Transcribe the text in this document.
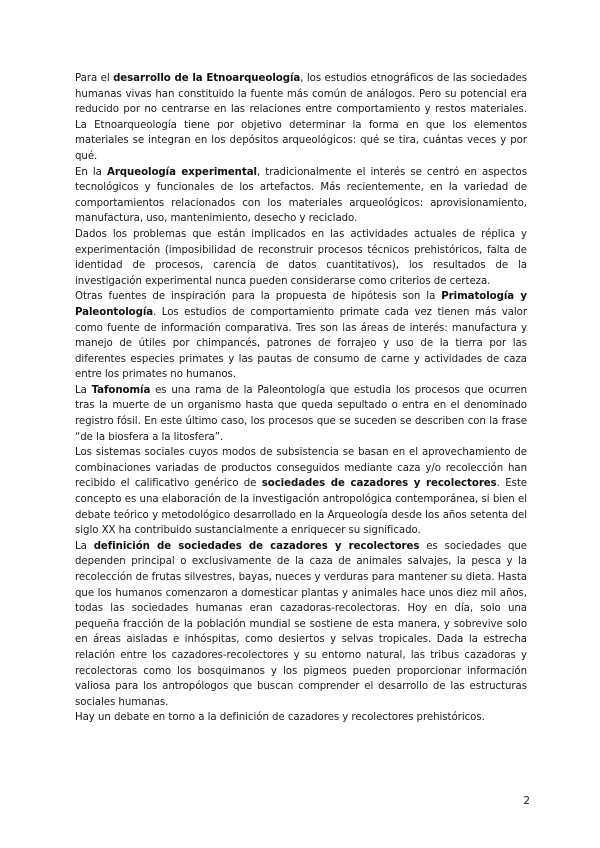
Para el desarrollo de la Etnoarqueología, los estudios etnográficos de las sociedades humanas vivas han constituido la fuente más común de análogos. Pero su potencial era reducido por no centrarse en las relaciones entre comportamiento y restos materiales. La Etnoarqueología tiene por objetivo determinar la forma en que los elementos materiales se integran en los depósitos arqueológicos: qué se tira, cuántas veces y por qué.

En la Arqueología experimental, tradicionalmente el interés se centró en aspectos tecnológicos y funcionales de los artefactos. Más recientemente, en la variedad de comportamientos relacionados con los materiales arqueológicos: aprovisionamiento, manufactura, uso, mantenimiento, desecho y reciclado.

Dados los problemas que están implicados en las actividades actuales de réplica y experimentación (imposibilidad de reconstruir procesos técnicos prehistóricos, falta de identidad de procesos, carencia de datos cuantitativos), los resultados de la investigación experimental nunca pueden considerarse como criterios de certeza.

Otras fuentes de inspiración para la propuesta de hipótesis son la Primatología y Paleontología. Los estudios de comportamiento primate cada vez tienen más valor como fuente de información comparativa. Tres son las áreas de interés: manufactura y manejo de útiles por chimpancés, patrones de forrajeo y uso de la tierra por las diferentes especies primates y las pautas de consumo de carne y actividades de caza entre los primates no humanos.

La Tafonomía es una rama de la Paleontología que estudia los procesos que ocurren tras la muerte de un organismo hasta que queda sepultado o entra en el denominado registro fósil. En este último caso, los procesos que se suceden se describen con la frase “de la biosfera a la litosfera”.

Los sistemas sociales cuyos modos de subsistencia se basan en el aprovechamiento de combinaciones variadas de productos conseguidos mediante caza y/o recolección han recibido el calificativo genérico de sociedades de cazadores y recolectores. Este concepto es una elaboración de la investigación antropológica contemporánea, si bien el debate teórico y metodológico desarrollado en la Arqueología desde los años setenta del siglo XX ha contribuido sustancialmente a enriquecer su significado.

La definición de sociedades de cazadores y recolectores es sociedades que dependen principal o exclusivamente de la caza de animales salvajes, la pesca y la recolección de frutas silvestres, bayas, nueces y verduras para mantener su dieta. Hasta que los humanos comenzaron a domesticar plantas y animales hace unos diez mil años, todas las sociedades humanas eran cazadoras-recolectoras. Hoy en día, solo una pequeña fracción de la población mundial se sostiene de esta manera, y sobrevive solo en áreas aisladas e inhóspitas, como desiertos y selvas tropicales. Dada la estrecha relación entre los cazadores-recolectores y su entorno natural, las tribus cazadoras y recolectoras como los bosquimanos y los pigmeos pueden proporcionar información valiosa para los antropólogos que buscan comprender el desarrollo de las estructuras sociales humanas.

Hay un debate en torno a la definición de cazadores y recolectores prehistóricos.

2
